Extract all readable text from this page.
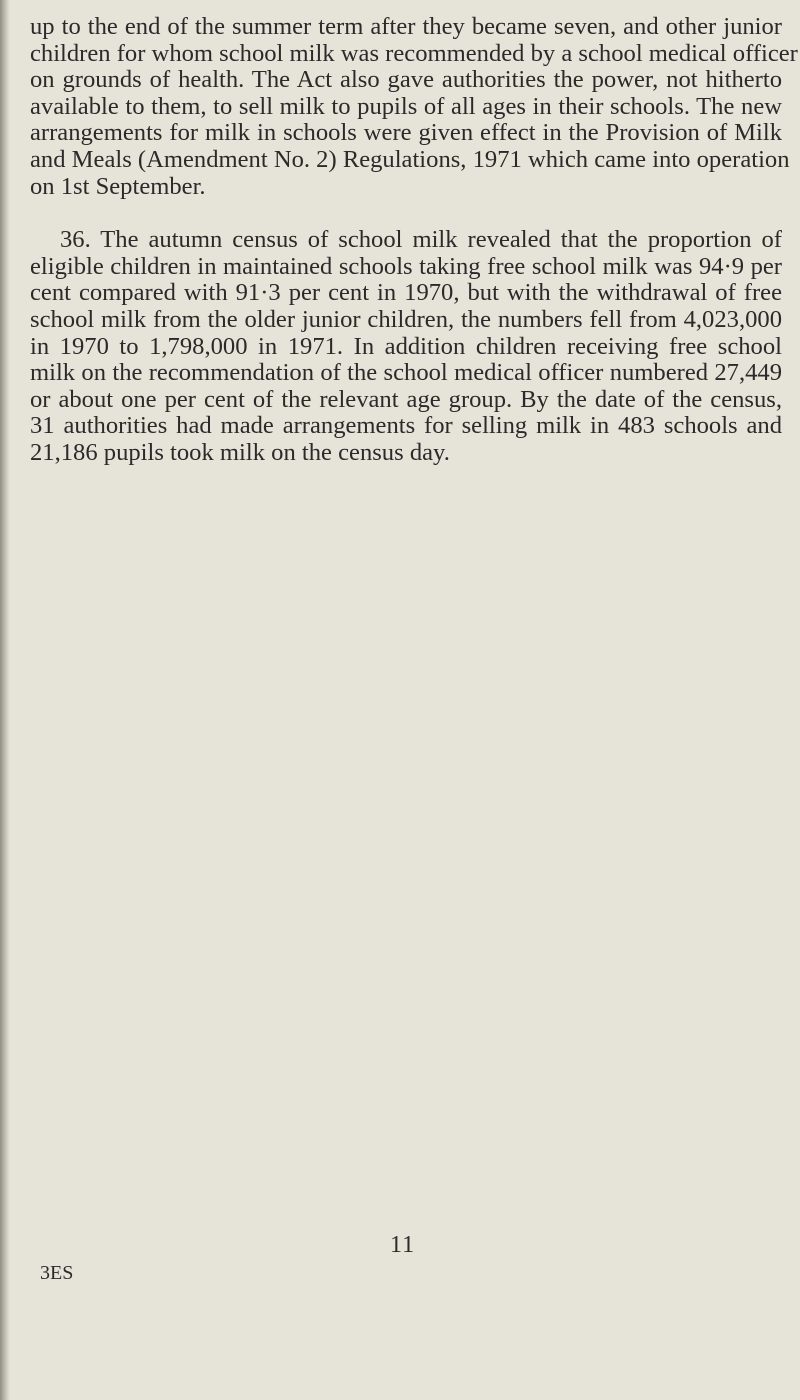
up to the end of the summer term after they became seven, and other junior
children for whom school milk was recommended by a school medical officer
on grounds of health. The Act also gave authorities the power, not hitherto
available to them, to sell milk to pupils of all ages in their schools. The new
arrangements for milk in schools were given effect in the Provision of Milk
and Meals (Amendment No. 2) Regulations, 1971 which came into operation
on 1st September.
36. The autumn census of school milk revealed that the proportion of
eligible children in maintained schools taking free school milk was 94·9 per
cent compared with 91·3 per cent in 1970, but with the withdrawal of free
school milk from the older junior children, the numbers fell from 4,023,000
in 1970 to 1,798,000 in 1971. In addition children receiving free school
milk on the recommendation of the school medical officer numbered 27,449
or about one per cent of the relevant age group. By the date of the census,
31 authorities had made arrangements for selling milk in 483 schools and
21,186 pupils took milk on the census day.
11
3ES
